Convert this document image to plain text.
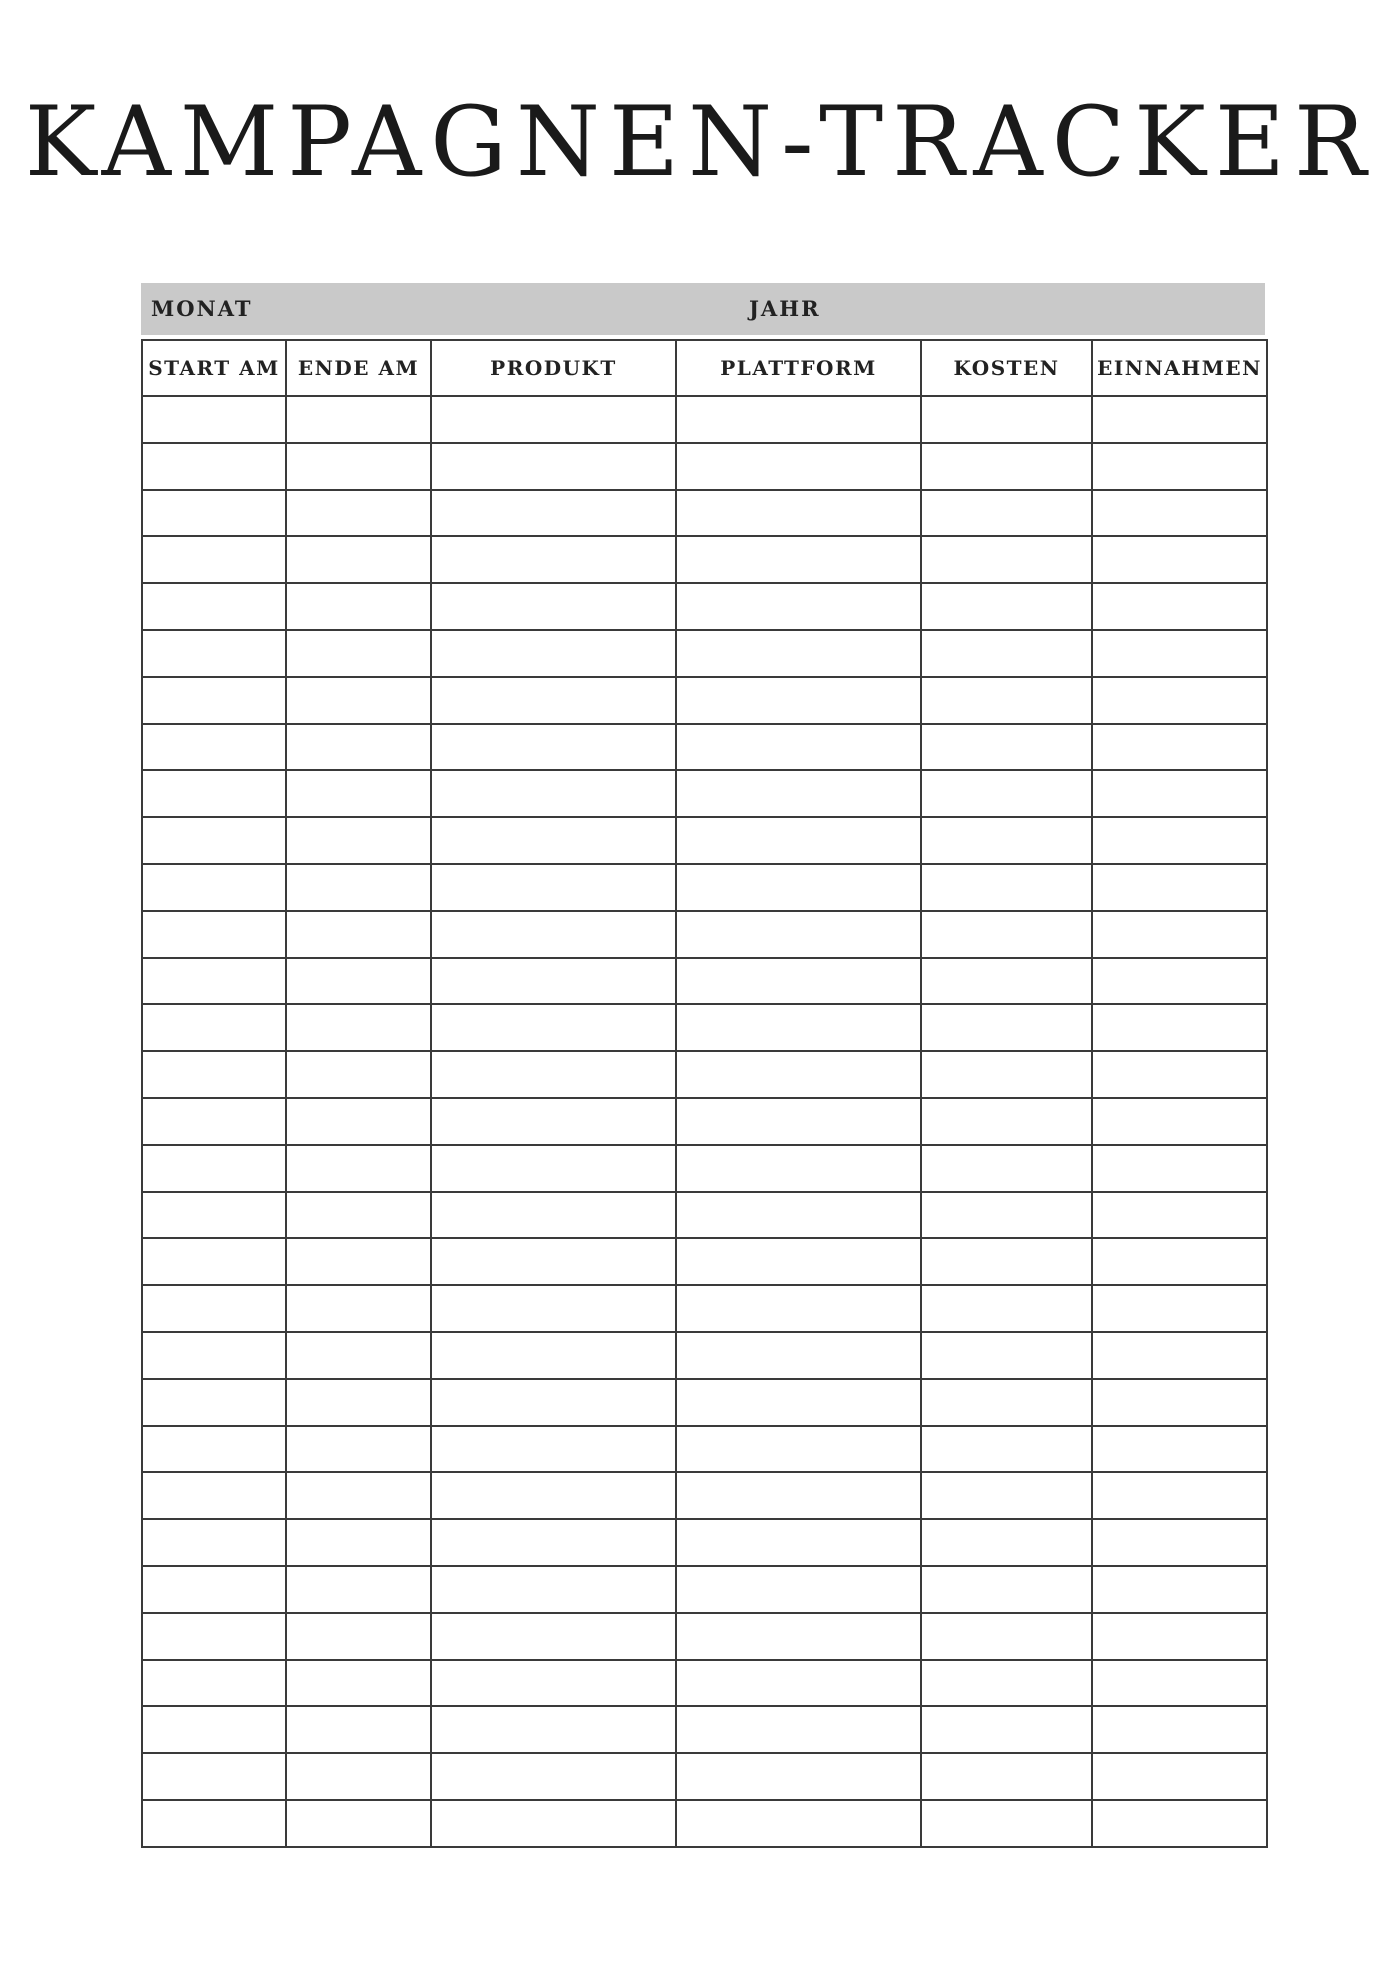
KAMPAGNEN-TRACKER
MONAT	JAHR
START AM	ENDE AM	PRODUKT	PLATTFORM	KOSTEN	EINNAHMEN
